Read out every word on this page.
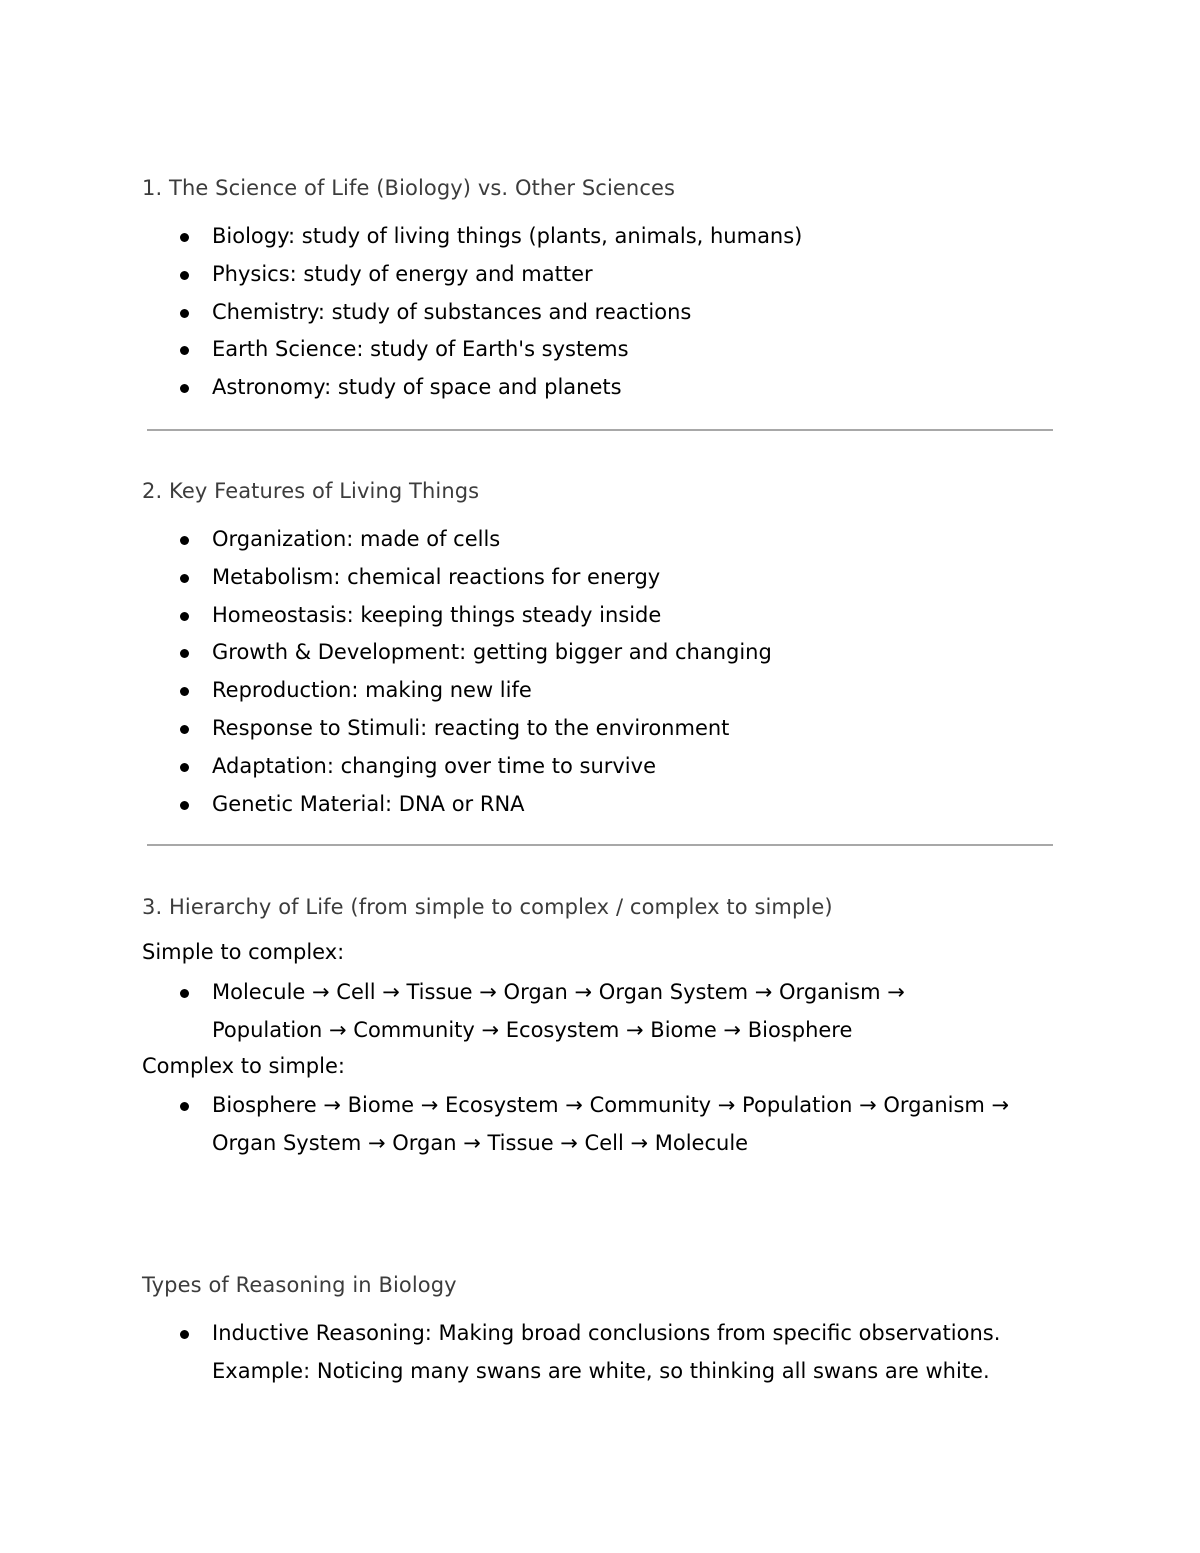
1. The Science of Life (Biology) vs. Other Sciences
Biology: study of living things (plants, animals, humans)
Physics: study of energy and matter
Chemistry: study of substances and reactions
Earth Science: study of Earth's systems
Astronomy: study of space and planets
2. Key Features of Living Things
Organization: made of cells
Metabolism: chemical reactions for energy
Homeostasis: keeping things steady inside
Growth & Development: getting bigger and changing
Reproduction: making new life
Response to Stimuli: reacting to the environment
Adaptation: changing over time to survive
Genetic Material: DNA or RNA
3. Hierarchy of Life (from simple to complex / complex to simple)
Simple to complex:
Molecule → Cell → Tissue → Organ → Organ System → Organism →
Population → Community → Ecosystem → Biome → Biosphere
Complex to simple:
Biosphere → Biome → Ecosystem → Community → Population → Organism →
Organ System → Organ → Tissue → Cell → Molecule
Types of Reasoning in Biology
Inductive Reasoning: Making broad conclusions from specific observations.
Example: Noticing many swans are white, so thinking all swans are white.
